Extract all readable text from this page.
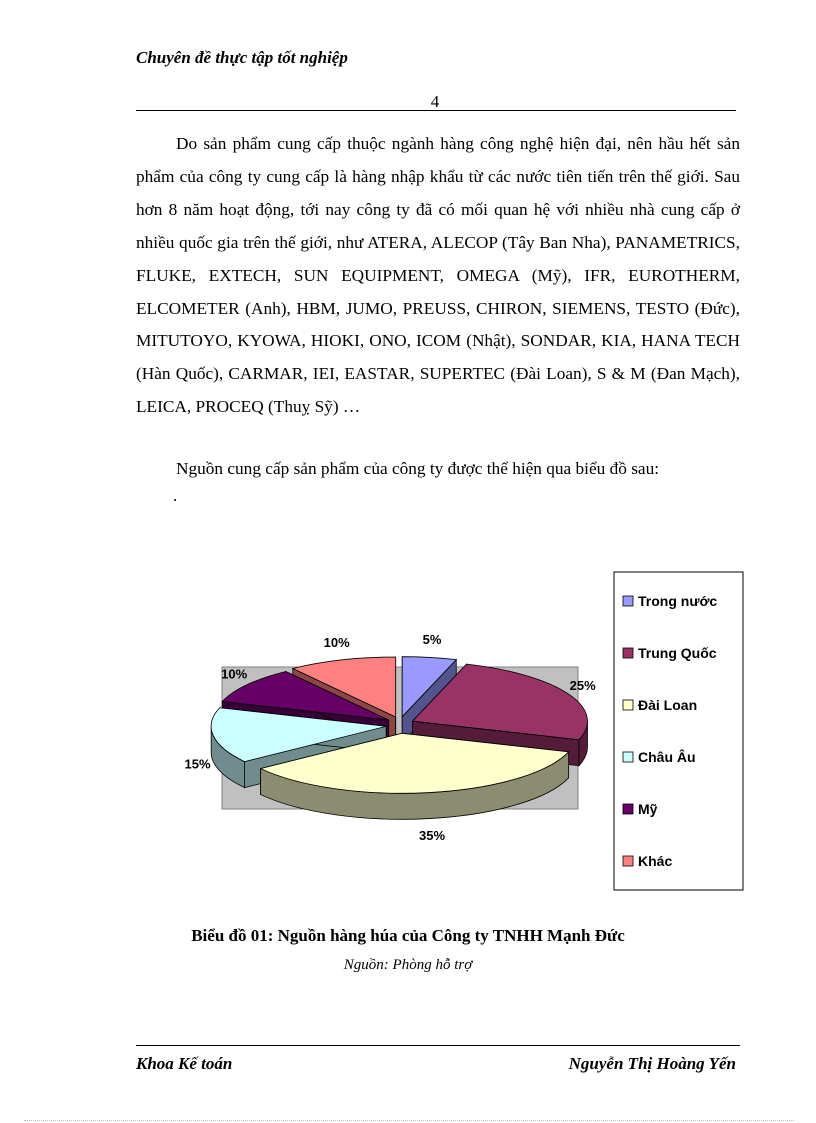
Chuyên đề thực tập tốt nghiệp
4

Do sản phẩm cung cấp thuộc ngành hàng công nghệ hiện đại, nên hầu hết sản phẩm của công ty cung cấp là hàng nhập khẩu từ các nước tiên tiến trên thế giới. Sau hơn 8 năm hoạt động, tới nay công ty đã có mối quan hệ với nhiều nhà cung cấp ở nhiều quốc gia trên thế giới, như ATERA, ALECOP (Tây Ban Nha), PANAMETRICS, FLUKE, EXTECH, SUN EQUIPMENT, OMEGA (Mỹ), IFR, EUROTHERM, ELCOMETER (Anh), HBM, JUMO, PREUSS, CHIRON, SIEMENS, TESTO (Đức), MITUTOYO, KYOWA, HIOKI, ONO, ICOM (Nhật), SONDAR, KIA, HANA TECH (Hàn Quốc), CARMAR, IEI, EASTAR, SUPERTEC (Đài Loan), S & M (Đan Mạch), LEICA, PROCEQ (Thuỵ Sỹ) …

Nguồn cung cấp sản phẩm của công ty được thể hiện qua biểu đồ sau:
.
5%
25%
35%
15%
10%
10%
Trong nước
Trung Quốc
Đài Loan
Châu Âu
Mỹ
Khác
Biểu đồ 01: Nguồn hàng húa của Công ty TNHH Mạnh Đức
Nguồn: Phòng hỗ trợ
Khoa Kế toán	Nguyễn Thị Hoàng Yến
